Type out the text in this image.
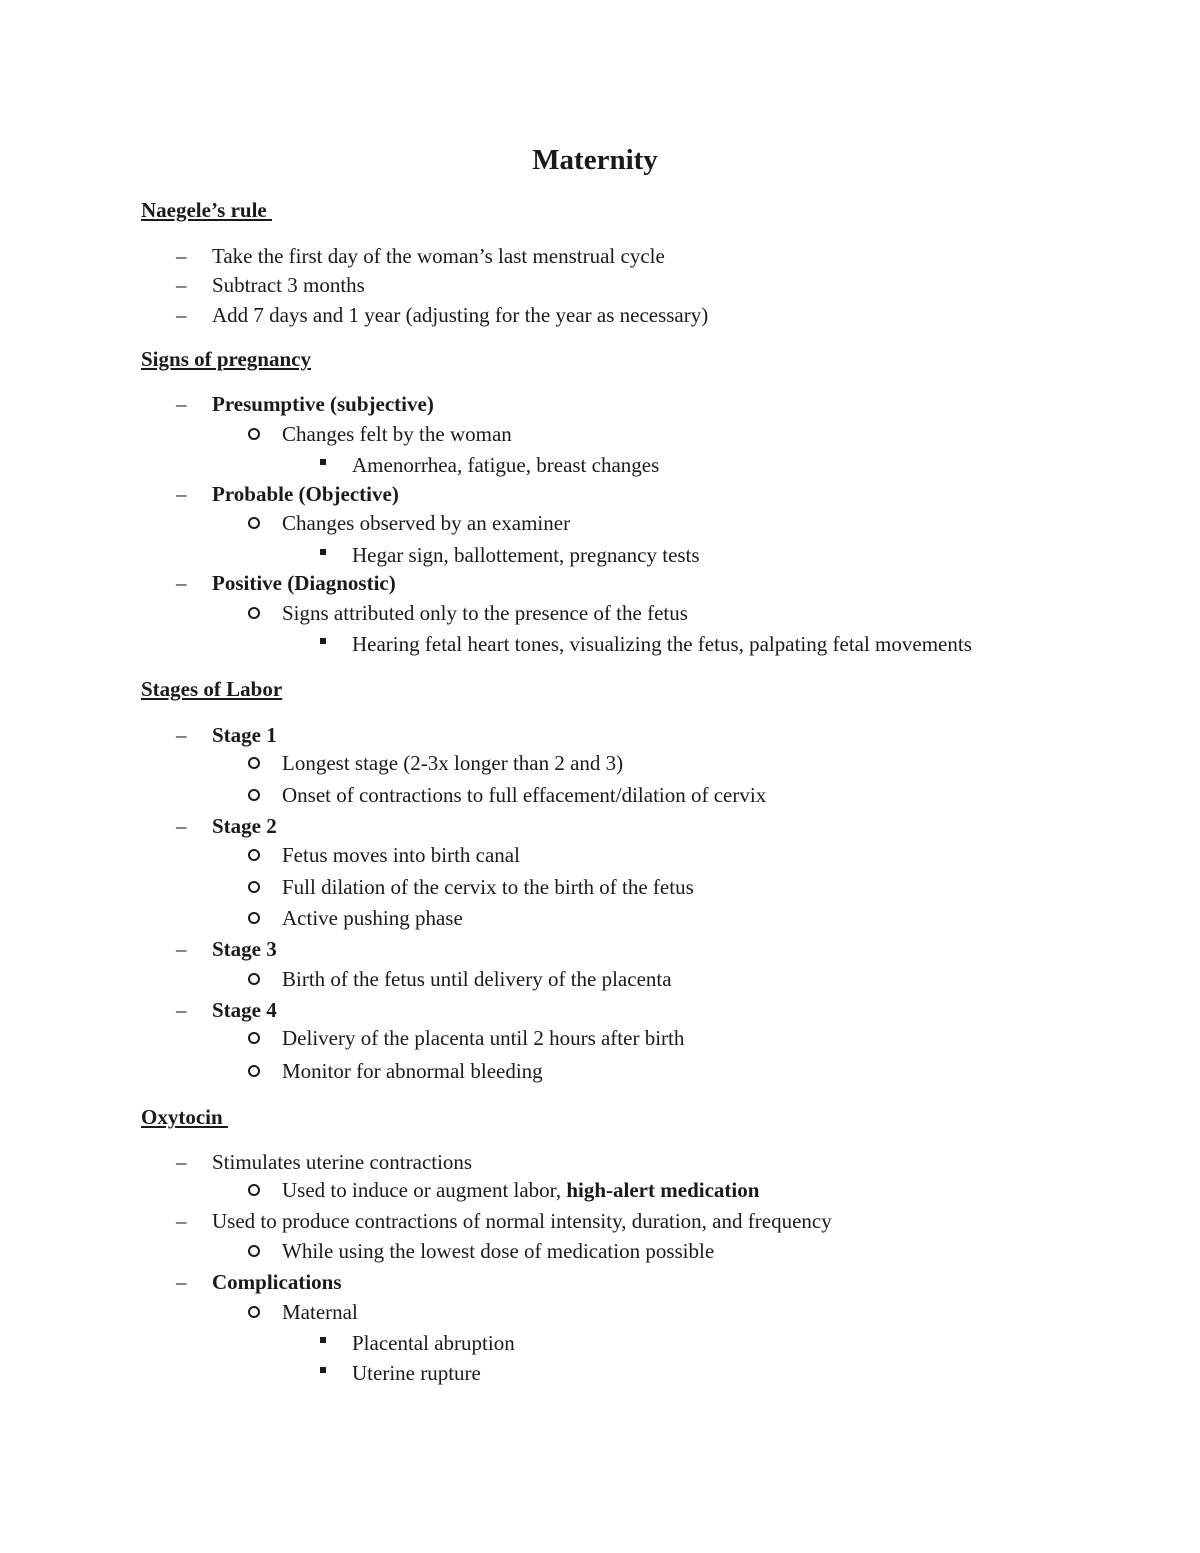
Maternity
Naegele’s rule
– Take the first day of the woman’s last menstrual cycle
– Subtract 3 months
– Add 7 days and 1 year (adjusting for the year as necessary)
Signs of pregnancy
– Presumptive (subjective)
Changes felt by the woman
Amenorrhea, fatigue, breast changes
– Probable (Objective)
Changes observed by an examiner
Hegar sign, ballottement, pregnancy tests
– Positive (Diagnostic)
Signs attributed only to the presence of the fetus
Hearing fetal heart tones, visualizing the fetus, palpating fetal movements
Stages of Labor
– Stage 1
Longest stage (2-3x longer than 2 and 3)
Onset of contractions to full effacement/dilation of cervix
– Stage 2
Fetus moves into birth canal
Full dilation of the cervix to the birth of the fetus
Active pushing phase
– Stage 3
Birth of the fetus until delivery of the placenta
– Stage 4
Delivery of the placenta until 2 hours after birth
Monitor for abnormal bleeding
Oxytocin
– Stimulates uterine contractions
Used to induce or augment labor, high-alert medication
– Used to produce contractions of normal intensity, duration, and frequency
While using the lowest dose of medication possible
– Complications
Maternal
Placental abruption
Uterine rupture
